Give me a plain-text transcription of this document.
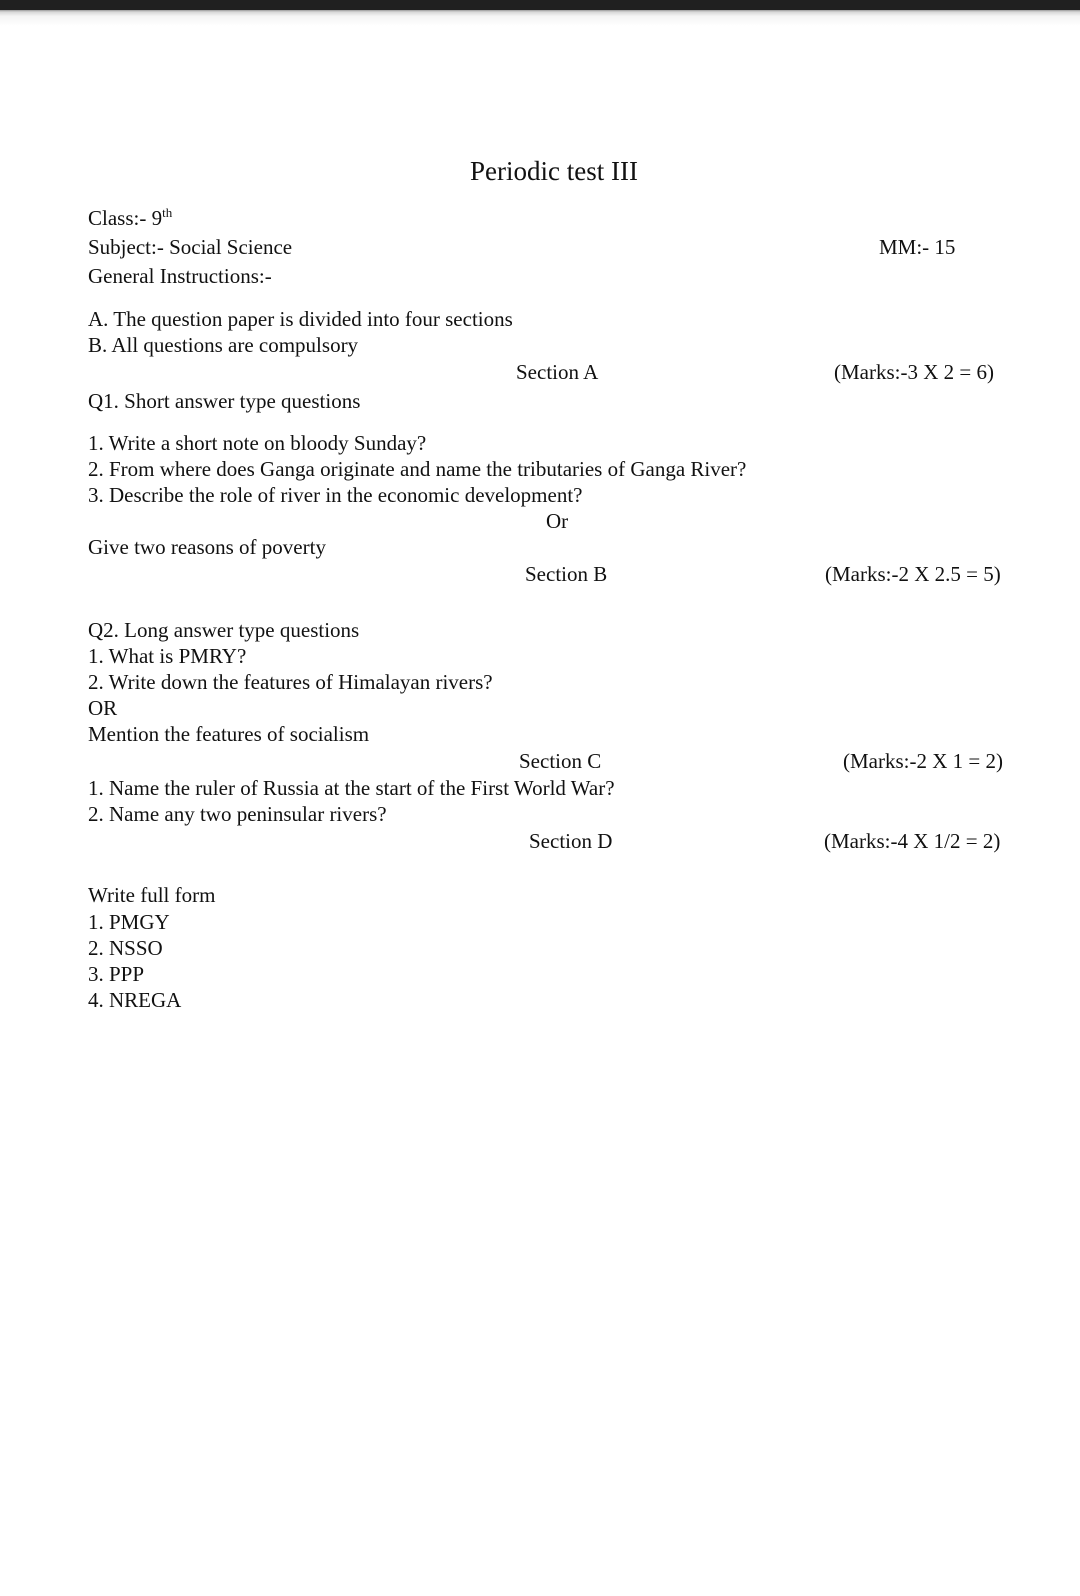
Periodic test III
Class:- 9th
Subject:- Social Science	MM:- 15
General Instructions:-
A. The question paper is divided into four sections
B. All questions are compulsory
Section A	(Marks:-3 X 2 = 6)
Q1. Short answer type questions
1. Write a short note on bloody Sunday?
2. From where does Ganga originate and name the tributaries of Ganga River?
3. Describe the role of river in the economic development?
Or
Give two reasons of poverty
Section B	(Marks:-2 X 2.5 = 5)
Q2. Long answer type questions
1. What is PMRY?
2. Write down the features of Himalayan rivers?
OR
Mention the features of socialism
Section C	(Marks:-2 X 1 = 2)
1. Name the ruler of Russia at the start of the First World War?
2. Name any two peninsular rivers?
Section D	(Marks:-4 X 1/2 = 2)
Write full form
1. PMGY
2. NSSO
3. PPP
4. NREGA
